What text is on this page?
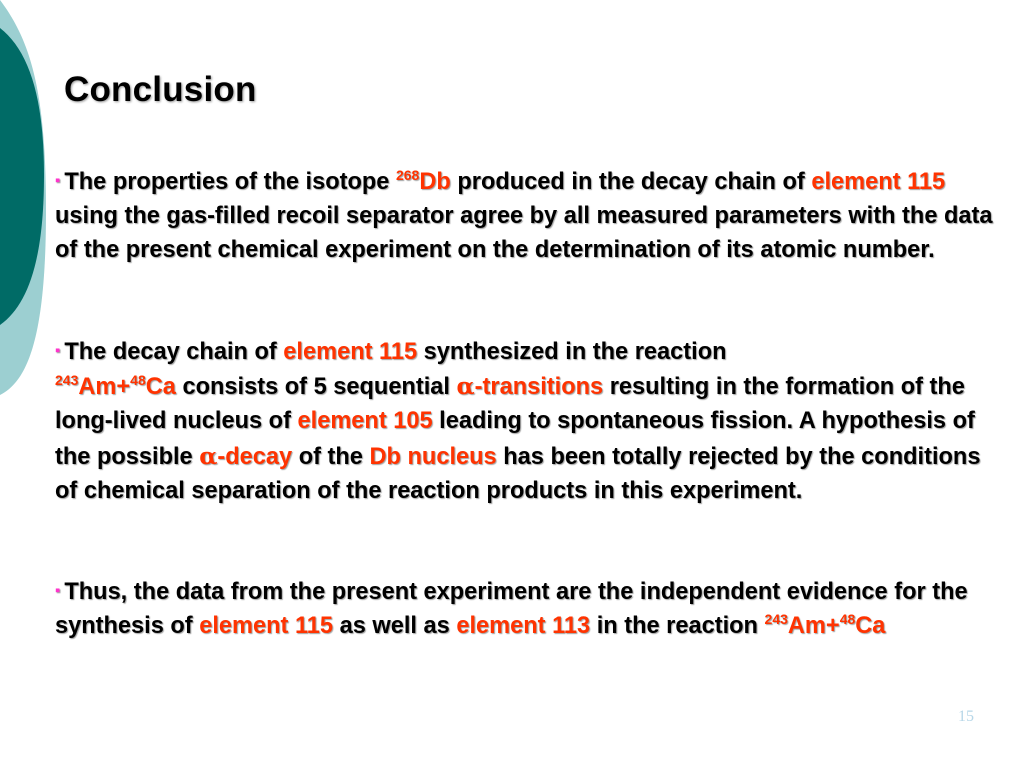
Conclusion

▪ The properties of the isotope $^{268}$Db produced in the decay chain of element 115 using the gas-filled recoil separator agree by all measured parameters with the data of the present chemical experiment on the determination of its atomic number.

▪ The decay chain of element 115 synthesized in the reaction
$^{243}$Am+$^{48}$Ca consists of 5 sequential α-transitions resulting in the formation of the long-lived nucleus of element 105 leading to spontaneous fission. A hypothesis of the possible α-decay of the Db nucleus has been totally rejected by the conditions of chemical separation of the reaction products in this experiment.

▪ Thus, the data from the present experiment are the independent evidence for the synthesis of element 115 as well as element 113 in the reaction $^{243}$Am+$^{48}$Ca

15
